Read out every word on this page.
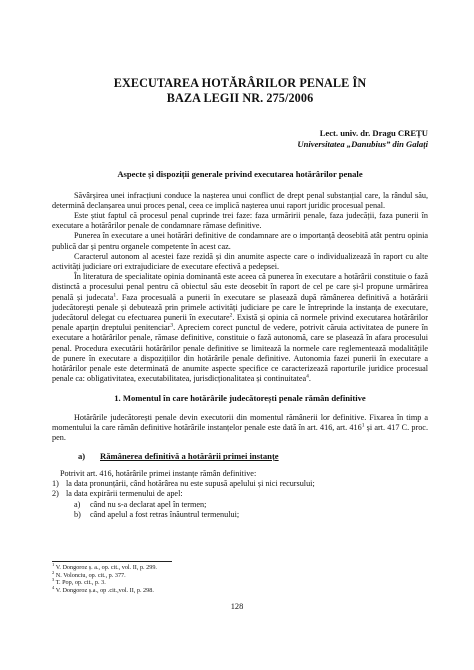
EXECUTAREA HOTĂRÂRILOR PENALE ÎN
BAZA LEGII NR. 275/2006
Lect. univ. dr. Dragu CREȚU
Universitatea „Danubius” din Galați
Aspecte și dispoziții generale privind executarea hotărârilor penale

Săvârșirea unei infracțiuni conduce la nașterea unui conflict de drept penal substanțial care, la rândul său, determină declanșarea unui proces penal, ceea ce implică nașterea unui raport juridic procesual penal.

Este știut faptul că procesul penal cuprinde trei faze: faza urmăririi penale, faza judecății, faza punerii în executare a hotărârilor penale de condamnare rămase definitive.

Punerea în executare a unei hotărâri definitive de condamnare are o importanță deosebită atât pentru opinia publică dar și pentru organele competente în acest caz.

Caracterul autonom al acestei faze rezidă și din anumite aspecte care o individualizează în raport cu alte activități judiciare ori extrajudiciare de executare efectivă a pedepsei.

În literatura de specialitate opinia dominantă este aceea că punerea în executare a hotărârii constituie o fază distinctă a procesului penal pentru că obiectul său este deosebit în raport de cel pe care și-l propune urmărirea penală și judecata$^1$. Faza procesuală a punerii în executare se plasează după rămânerea definitivă a hotărârii judecătorești penale și debutează prin primele activități judiciare pe care le întreprinde la instanța de executare, judecătorul delegat cu efectuarea punerii în executare$^2$. Există și opinia că normele privind executarea hotărârilor penale aparțin dreptului penitenciar$^3$. Apreciem corect punctul de vedere, potrivit căruia activitatea de punere în executare a hotărârilor penale, rămase definitive, constituie o fază autonomă, care se plasează în afara procesului penal. Procedura executării hotărârilor penale definitive se limitează la normele care reglementează modalitățile de punere în executare a dispozițiilor din hotărârile penale definitive. Autonomia fazei punerii în executare a hotărârilor penale este determinată de anumite aspecte specifice ce caracterizează raporturile juridice procesual penale ca: obligativitatea, executabilitatea, jurisdicționalitatea și continuitatea$^4$.

1. Momentul în care hotărârile judecătorești penale rămân definitive

Hotărârile judecătorești penale devin executorii din momentul rămânerii lor definitive. Fixarea în timp a momentului la care rămân definitive hotărârile instanțelor penale este dată în art. 416, art. $416^1$ și art. 417 C. proc. pen.

a) Rămânerea definitivă a hotărârii primei instanțe

Potrivit art. 416, hotărârile primei instanțe rămân definitive:

1) la data pronunțării, când hotărârea nu este supusă apelului și nici recursului;
2) la data expirării termenului de apel:
a)	când nu s-a declarat apel în termen;
b)	când apelul a fost retras înăuntrul termenului;
$^1$ V. Dongoroz ș. a., op. cit., vol. II, p. 299.
$^2$ N. Volonciu, op. cit., p. 377.
$^3$ T. Pop, op. cit., p. 3.
$^4$ V. Dongoroz ș.a., op .cit.,vol. II, p. 298.
128
